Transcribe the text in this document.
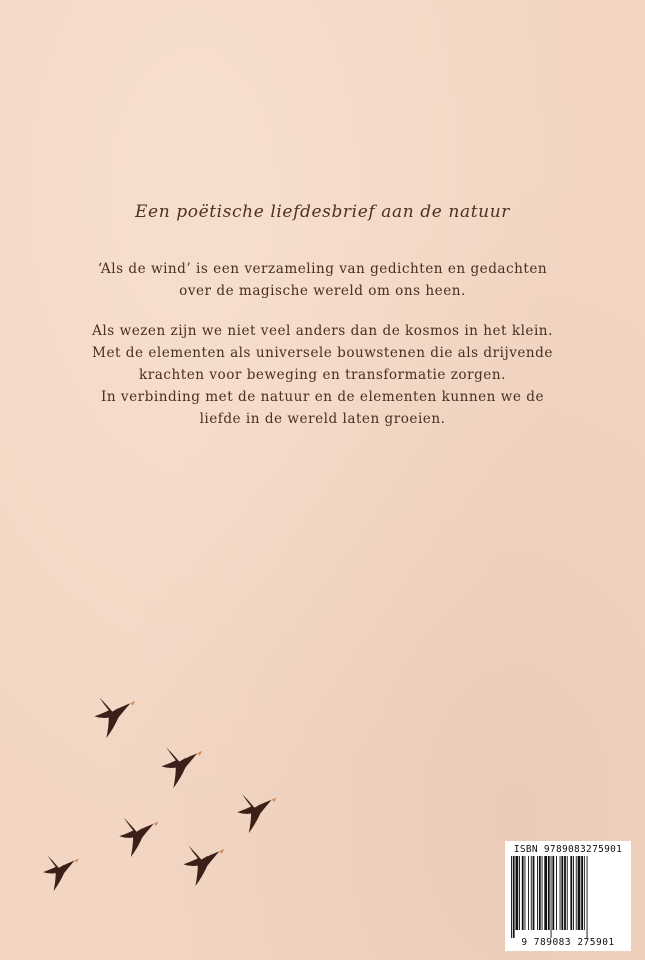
Een poëtische liefdesbrief aan de natuur

‘Als de wind’ is een verzameling van gedichten en gedachten

over de magische wereld om ons heen.

Als wezen zijn we niet veel anders dan de kosmos in het klein.

Met de elementen als universele bouwstenen die als drijvende

krachten voor beweging en transformatie zorgen.

In verbinding met de natuur en de elementen kunnen we de

liefde in de wereld laten groeien.

ISBN 9789083275901
9 789083 275901
